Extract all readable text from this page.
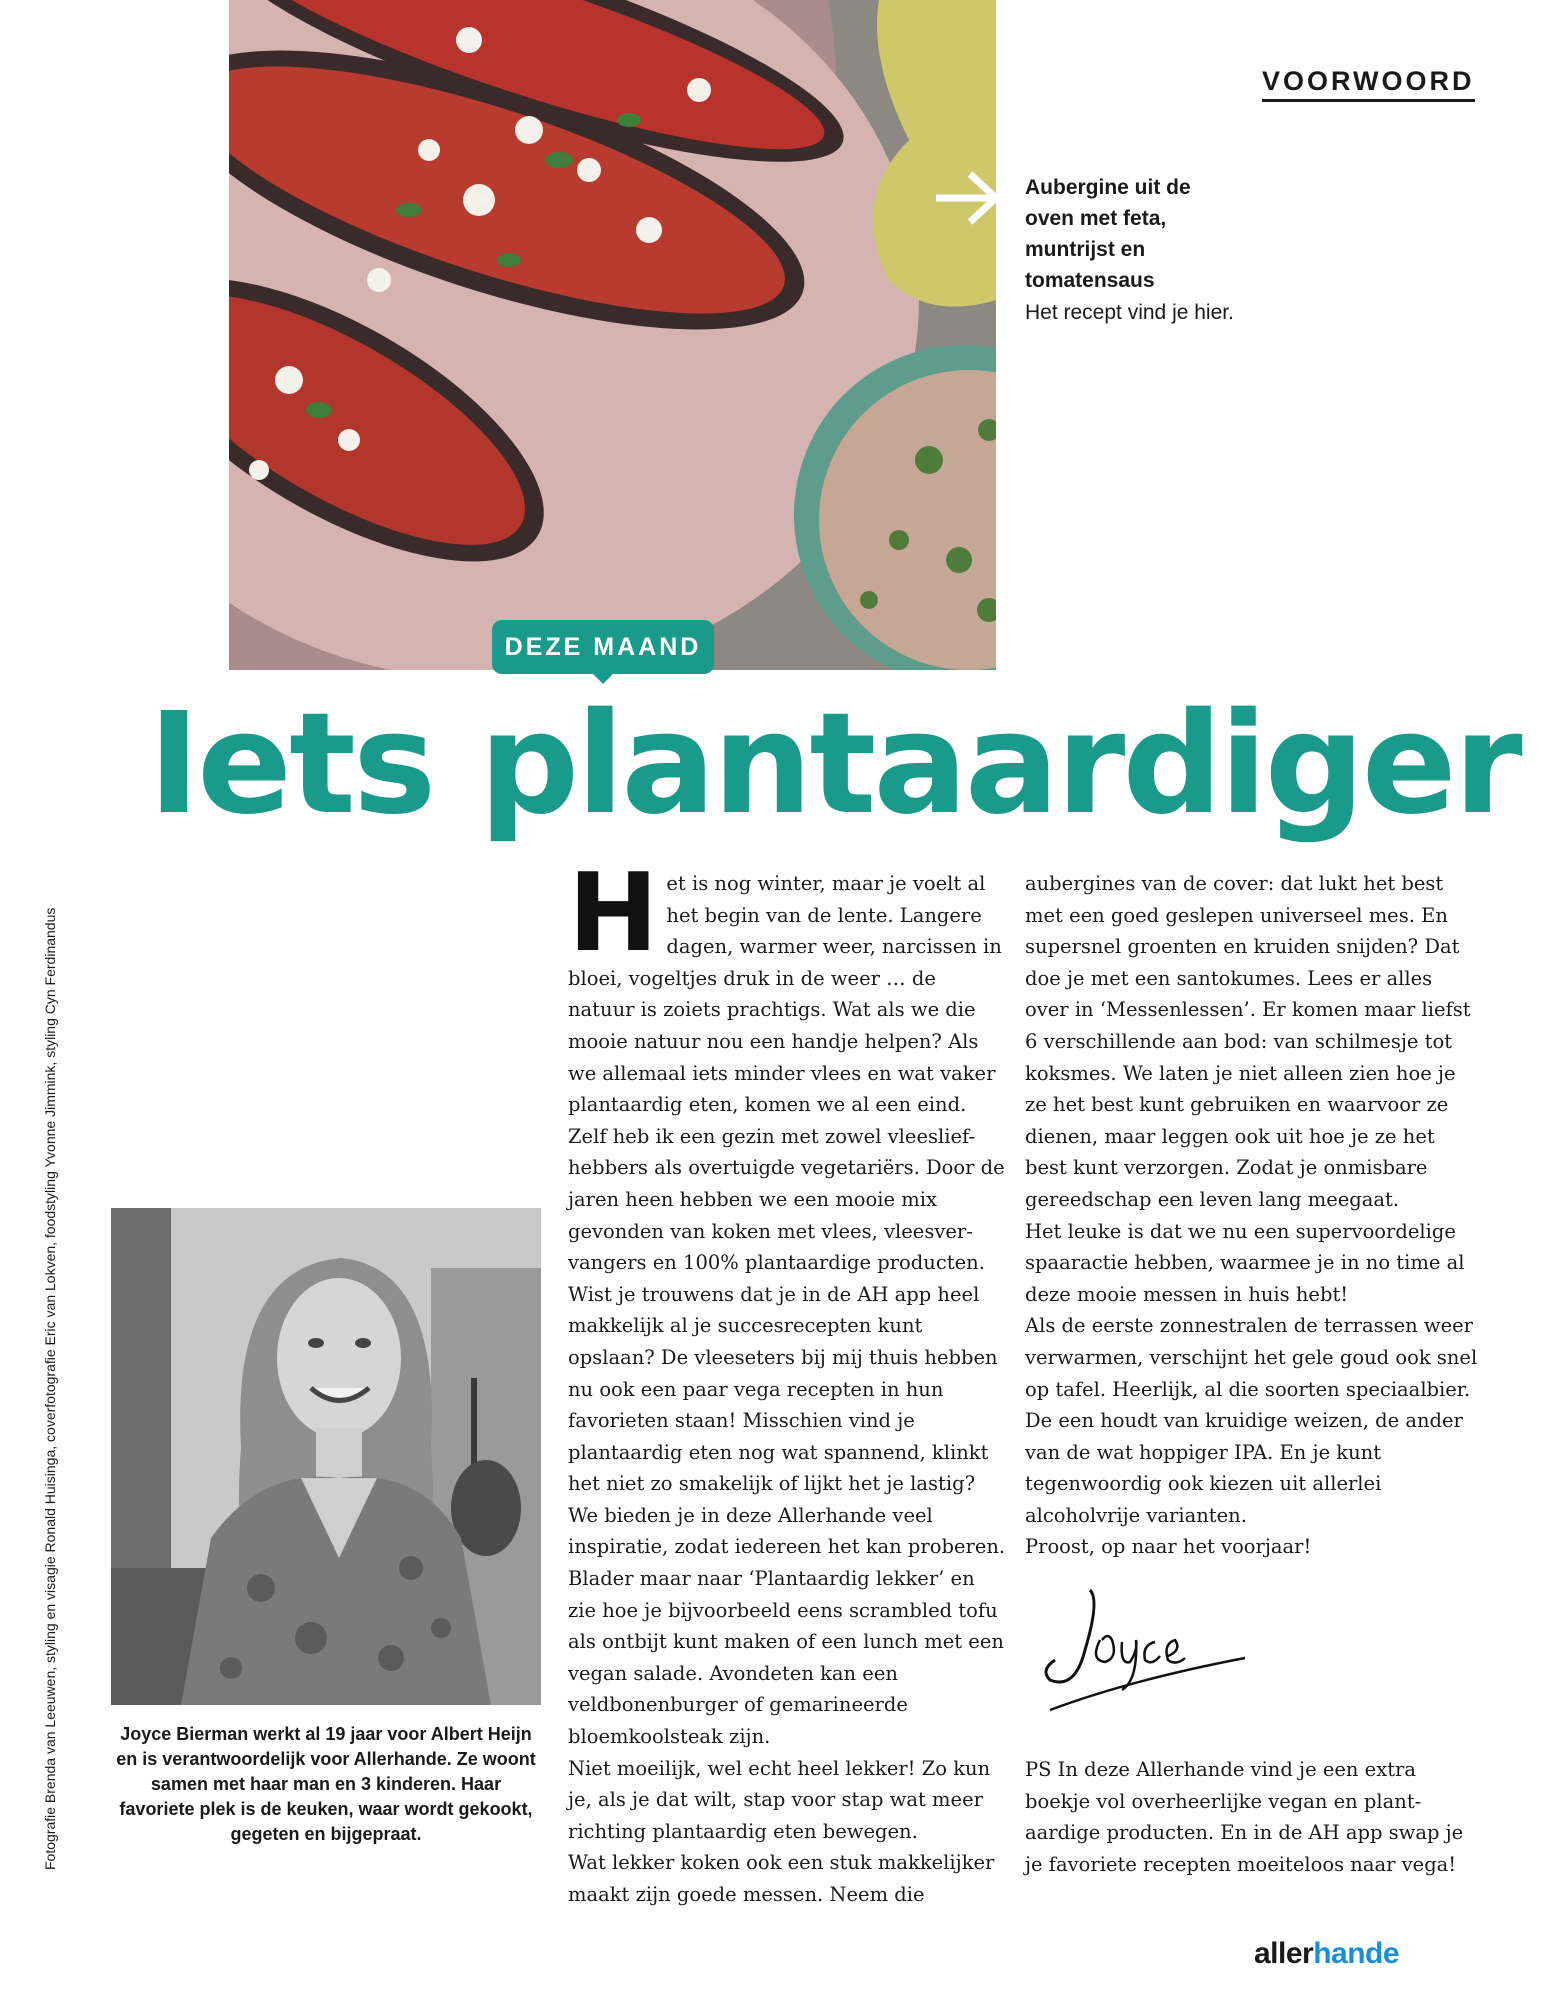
VOORWOORD
Aubergine uit de oven met feta, muntrijst en tomatensaus
Het recept vind je hier.
DEZE MAAND
Iets plantaardiger
Fotografie Brenda van Leeuwen, styling en visagie Ronald Huisinga, coverfotografie Eric van Lokven, foodstyling Yvonne Jimmink, styling Cyn Ferdinandus	Joyce Bierman werkt al 19 jaar voor Albert Heijn en is verantwoordelijk voor Allerhande. Ze woont samen met haar man en 3 kinderen. Haar favoriete plek is de keuken, waar wordt gekookt, gegeten en bijgepraat.

Het is nog winter, maar je voelt al het begin van de lente. Langere dagen, warmer weer, narcissen in bloei, vogeltjes druk in de weer … de natuur is zoiets prachtigs. Wat als we die mooie natuur nou een handje helpen? Als we allemaal iets minder vlees en wat vaker plantaardig eten, komen we al een eind. Zelf heb ik een gezin met zowel vleeslief-hebbers als overtuigde vegetariërs. Door de jaren heen hebben we een mooie mix gevonden van koken met vlees, vleesver-vangers en 100% plantaardige producten. Wist je trouwens dat je in de AH app heel makkelijk al je succesrecepten kunt opslaan? De vleeseters bij mij thuis hebben nu ook een paar vega recepten in hun favorieten staan! Misschien vind je plantaardig eten nog wat spannend, klinkt het niet zo smakelijk of lijkt het je lastig? We bieden je in deze Allerhande veel inspiratie, zodat iedereen het kan proberen. Blader maar naar ‘Plantaardig lekker’ en zie hoe je bijvoorbeeld eens scrambled tofu als ontbijt kunt maken of een lunch met een vegan salade. Avondeten kan een veldbonenburger of gemarineerde bloemkoolsteak zijn.

Niet moeilijk, wel echt heel lekker! Zo kun je, als je dat wilt, stap voor stap wat meer richting plantaardig eten bewegen.

Wat lekker koken ook een stuk makkelijker maakt zijn goede messen. Neem die

aubergines van de cover: dat lukt het best met een goed geslepen universeel mes. En supersnel groenten en kruiden snijden? Dat doe je met een santokumes. Lees er alles over in ‘Messenlessen’. Er komen maar liefst 6 verschillende aan bod: van schilmesje tot koksmes. We laten je niet alleen zien hoe je ze het best kunt gebruiken en waarvoor ze dienen, maar leggen ook uit hoe je ze het best kunt verzorgen. Zodat je onmisbare gereedschap een leven lang meegaat.

Het leuke is dat we nu een supervoordelige spaaractie hebben, waarmee je in no time al deze mooie messen in huis hebt!

Als de eerste zonnestralen de terrassen weer verwarmen, verschijnt het gele goud ook snel op tafel. Heerlijk, al die soorten speciaalbier. De een houdt van kruidige weizen, de ander van de wat hoppiger IPA. En je kunt tegenwoordig ook kiezen uit allerlei alcoholvrije varianten.

Proost, op naar het voorjaar!

PS In deze Allerhande vind je een extra boekje vol overheerlijke vegan en plant-aardige producten. En in de AH app swap je je favoriete recepten moeiteloos naar vega!
allerhande
